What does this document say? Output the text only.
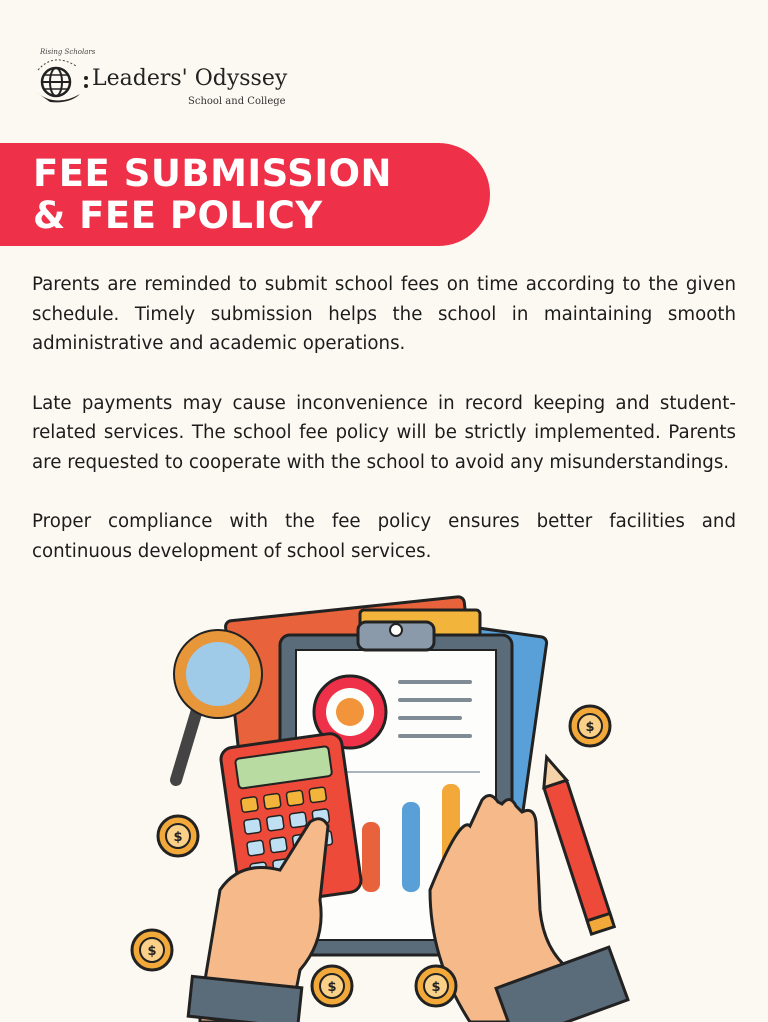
Rising Scholars
Leaders' Odyssey
School and College
FEE SUBMISSION
& FEE POLICY

Parents are reminded to submit school fees on time according to the given schedule. Timely submission helps the school in maintaining smooth administrative and academic operations.

Late payments may cause inconvenience in record keeping and student-related services. The school fee policy will be strictly implemented. Parents are requested to cooperate with the school to avoid any misunderstandings.

Proper compliance with the fee policy ensures better facilities and continuous development of school services.

$
$
$
$	$
